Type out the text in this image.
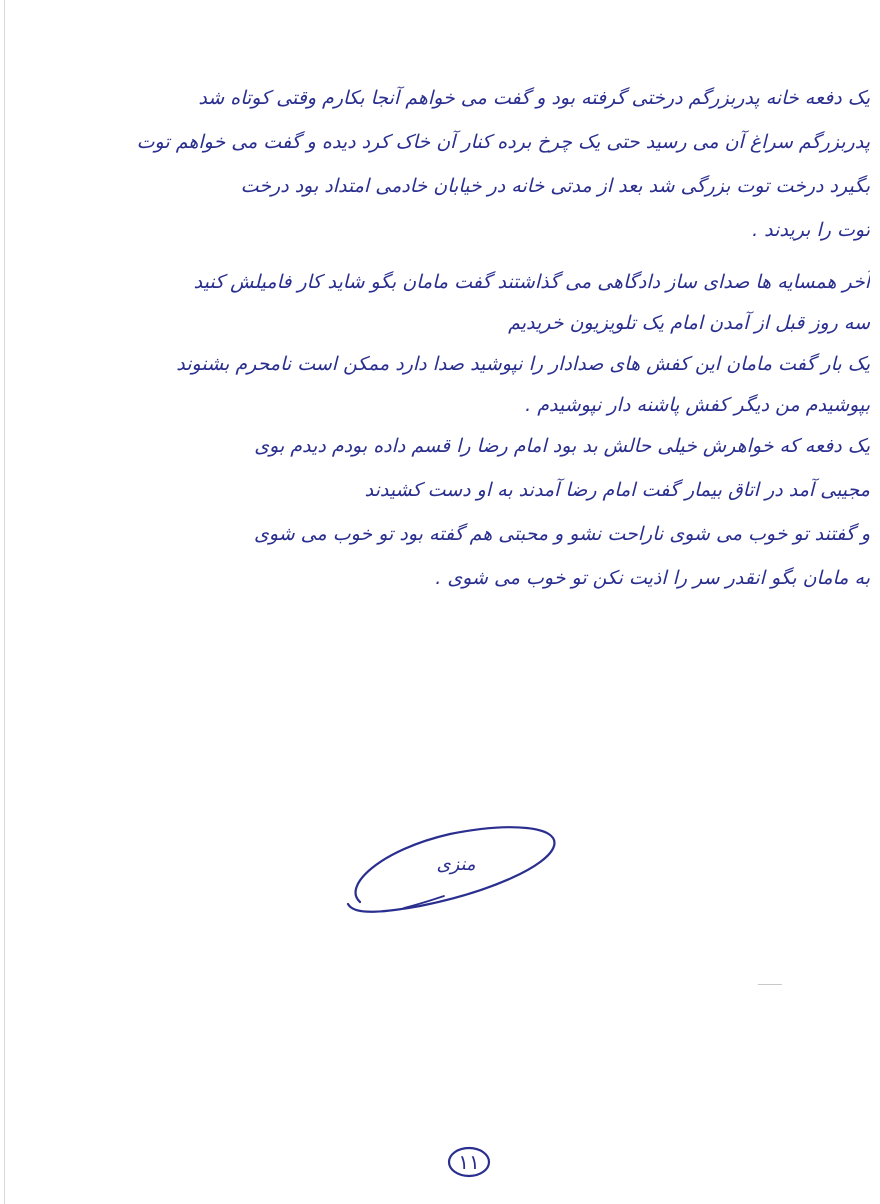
یک دفعه خانه پدربزرگم درختی گرفته بود و گفت می خواهم آنجا بکارم وقتی کوتاه شد
پدربزرگم سراغ آن می رسید حتی یک چرخ برده کنار آن خاک کرد دیده و گفت می خواهم توت
بگیرد درخت توت بزرگی شد بعد از مدتی خانه در خیابان خادمی امتداد بود درخت
توت را بریدند .
آخر همسایه ها صدای ساز دادگاهی می گذاشتند گفت مامان بگو شاید کار فامیلش کنید
سه روز قبل از آمدن امام یک تلویزیون خریدیم
یک بار گفت مامان این کفش های صدادار را نپوشید صدا دارد ممکن است نامحرم بشنوند
بپوشیدم من دیگر کفش پاشنه دار نپوشیدم .
یک دفعه که خواهرش خیلی حالش بد بود امام رضا را قسم داده بودم دیدم بوی
مجیبی آمد در اتاق بیمار گفت امام رضا آمدند به او دست کشیدند
و گفتند تو خوب می شوی ناراحت نشو و محبتی هم گفته بود تو خوب می شوی
به مامان بگو انقدر سر را اذیت نکن تو خوب می شوی .
منزی
۱۱
